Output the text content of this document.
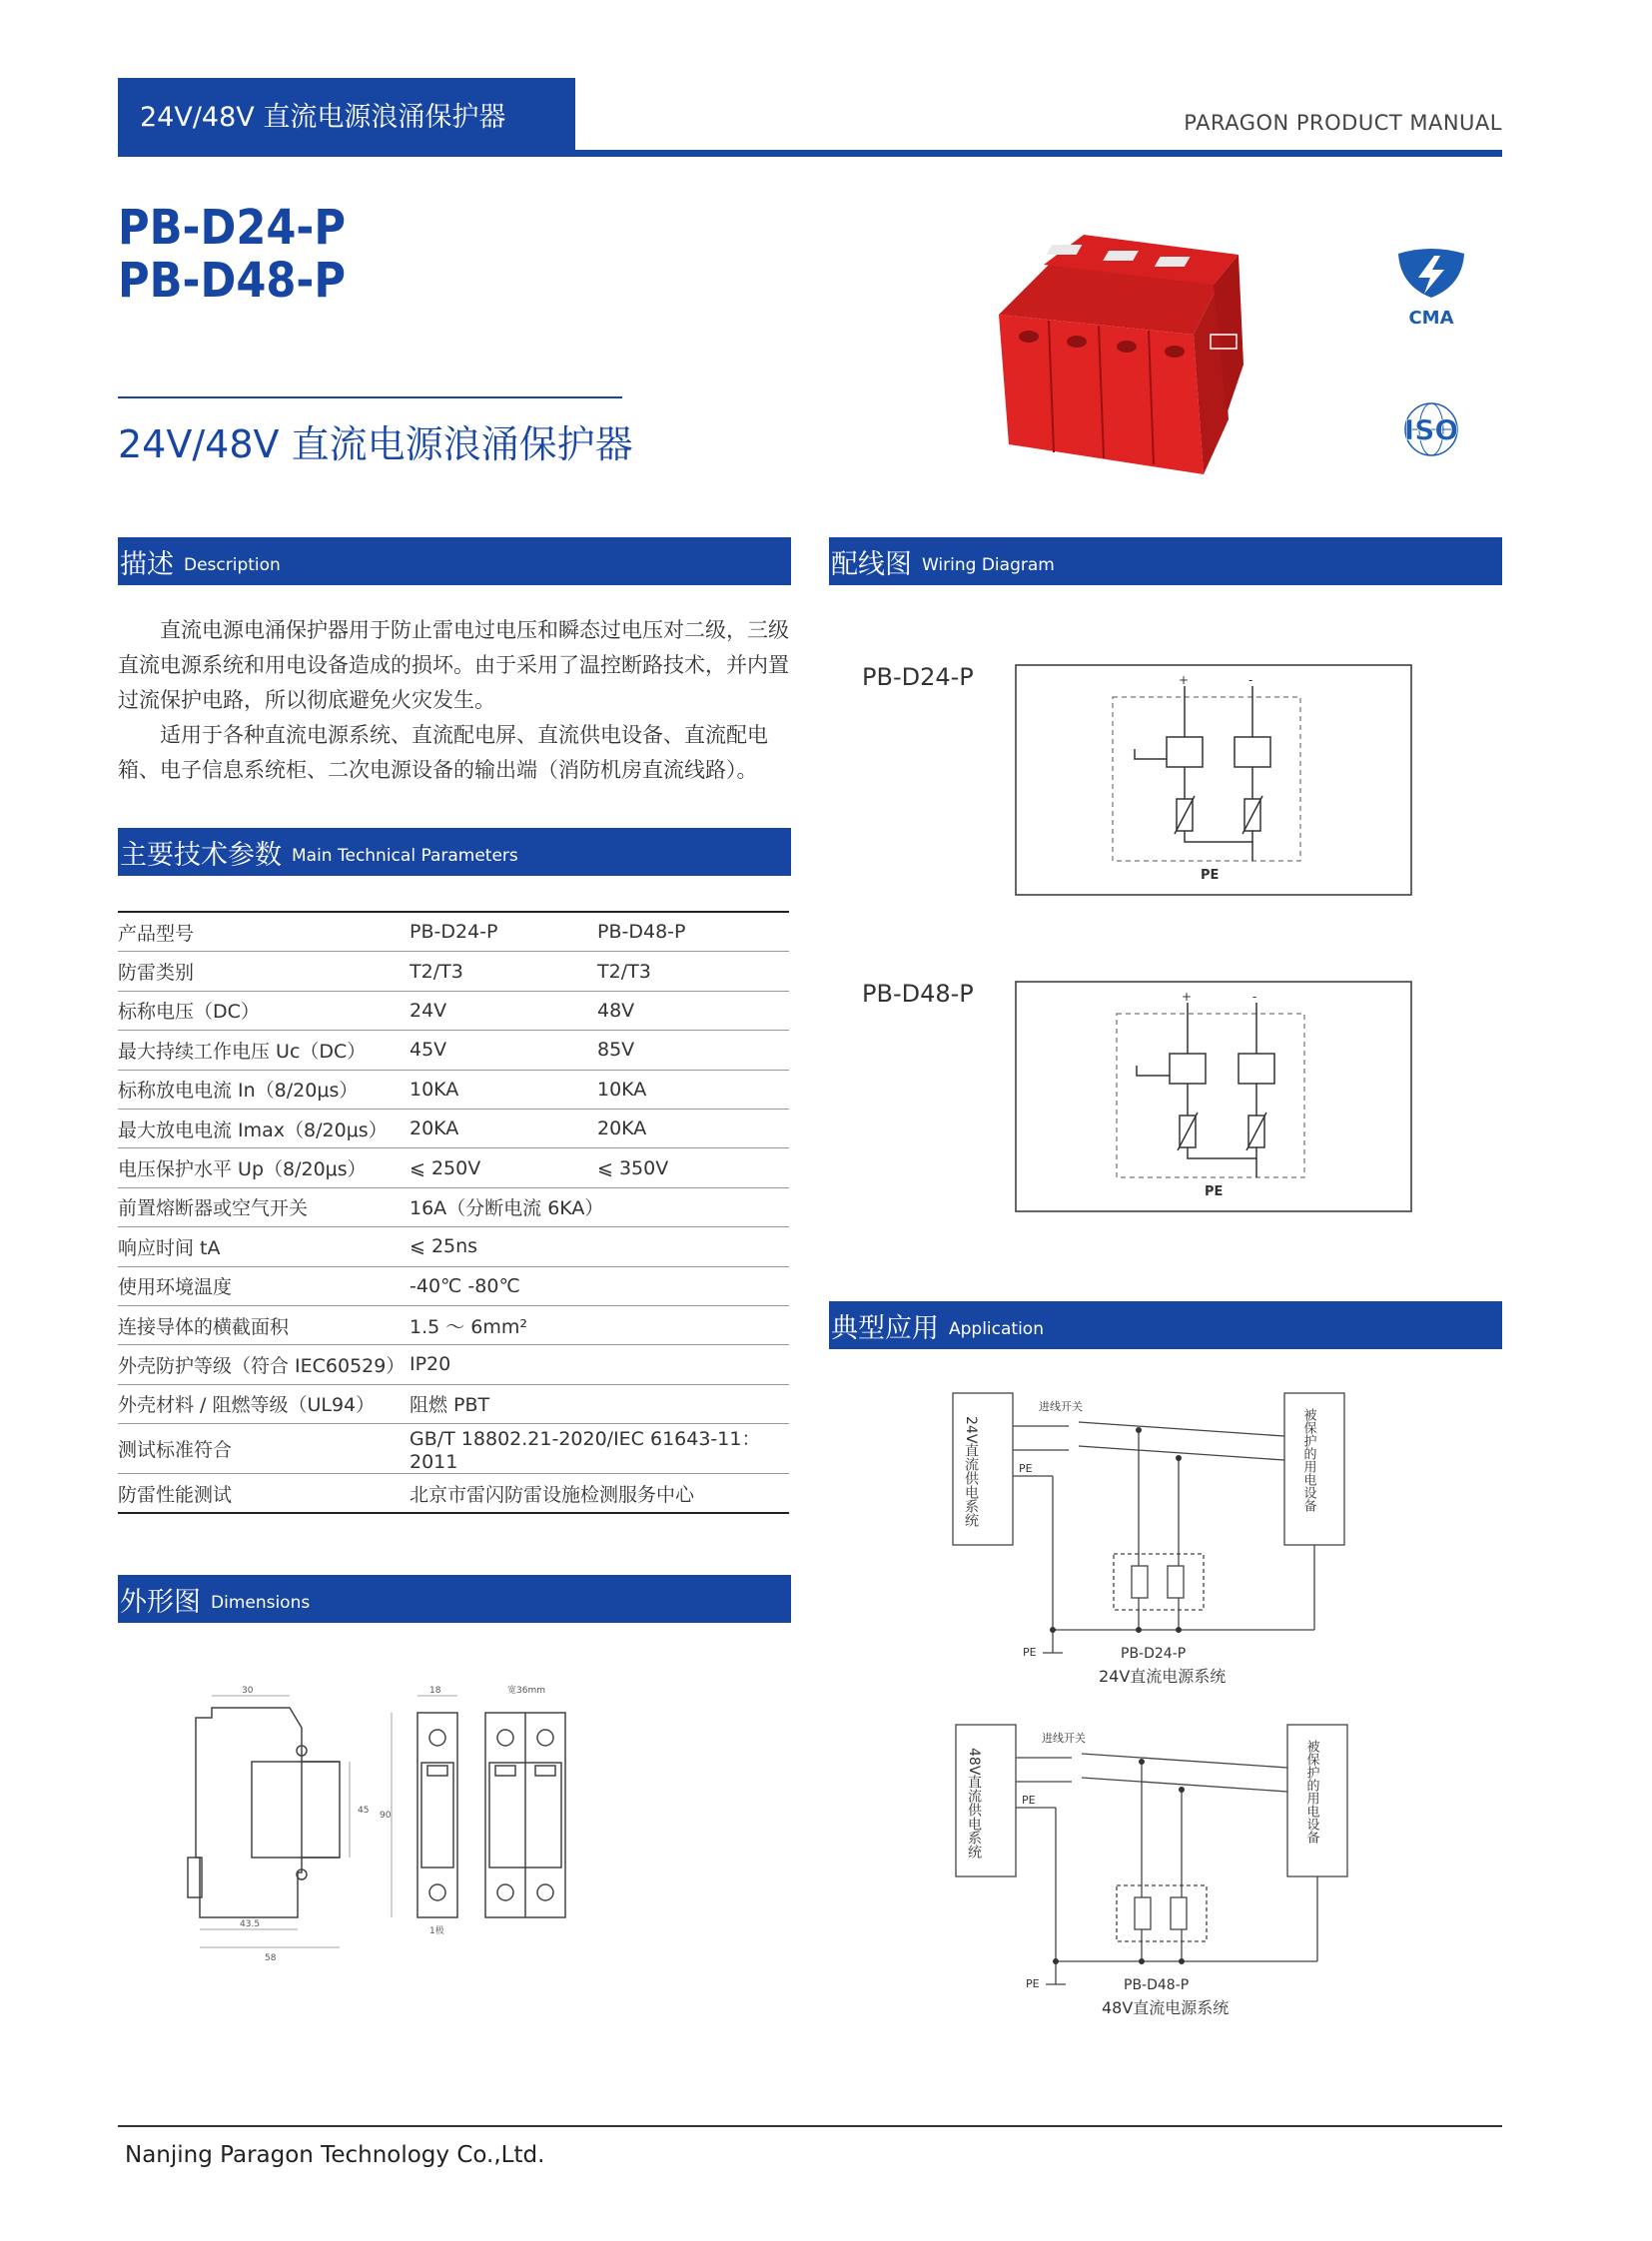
24V/48V 直流电源浪涌保护器	PARAGON PRODUCT MANUAL
PB-D24-P
PB-D48-P
24V/48V 直流电源浪涌保护器
CMA
ISO
描述 Description

直流电源电涌保护器用于防止雷电过电压和瞬态过电压对二级，三级直流电源系统和用电设备造成的损坏。由于采用了温控断路技术，并内置过流保护电路，所以彻底避免火灾发生。

适用于各种直流电源系统、直流配电屏、直流供电设备、直流配电箱、电子信息系统柜、二次电源设备的输出端（消防机房直流线路）。

主要技术参数 Main Technical Parameters
产品型号	PB-D24-P	PB-D48-P
防雷类别	T2/T3	T2/T3
标称电压（DC）	24V	48V
最大持续工作电压 Uc（DC）	45V	85V
标称放电电流 In（8/20μs）	10KA	10KA
最大放电电流 Imax（8/20μs）	20KA	20KA
电压保护水平 Up（8/20μs）	⩽ 250V	⩽ 350V
前置熔断器或空气开关	16A（分断电流 6KA）	
响应时间 tA	⩽ 25ns	
使用环境温度	-40℃ -80℃	
连接导体的横截面积	1.5 ～ 6mm²	
外壳防护等级（符合 IEC60529）	IP20	
外壳材料 / 阻燃等级（UL94）	阻燃 PBT	
测试标准符合	GB/T 18802.21-2020/IEC 61643-11：2011	
防雷性能测试	北京市雷闪防雷设施检测服务中心	
外形图 Dimensions
30	18	宽36mm
45 90
43.5
58
1极
配线图 Wiring Diagram
PB-D24-P
PB-D48-P
+	-
PE
+	-
PE
典型应用 Application
24V直流供电系统
进线开关
被保护的用电设备
PE
PE	PB-D24-P
24V直流电源系统
48V直流供电系统
进线开关
被保护的用电设备
PE
PE	PB-D48-P
48V直流电源系统
Nanjing Paragon Technology Co.,Ltd.
